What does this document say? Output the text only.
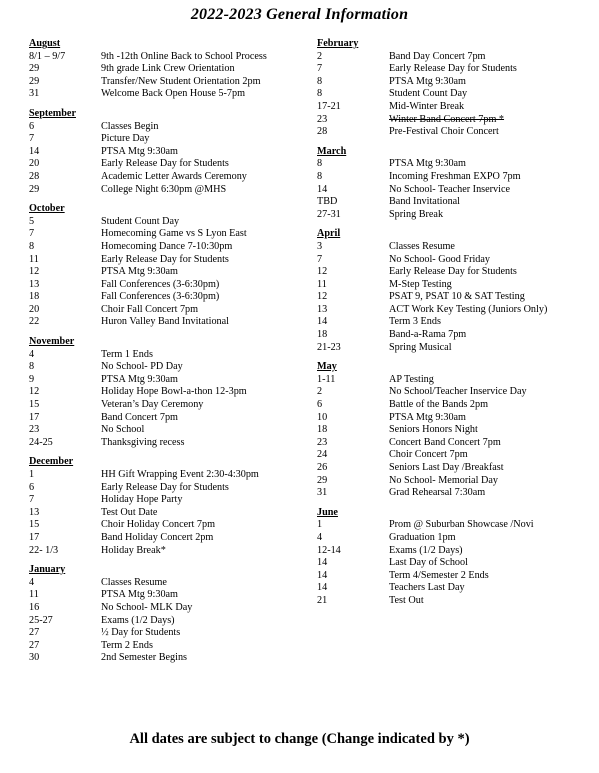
2022-2023 General Information
August
8/1 – 9/7	9th -12th Online Back to School Process
29	9th grade Link Crew Orientation
29	Transfer/New Student Orientation 2pm
31	Welcome Back Open House 5-7pm
September
6	Classes Begin
7	Picture Day
14	PTSA Mtg 9:30am
20	Early Release Day for Students
28	Academic Letter Awards Ceremony
29	College Night 6:30pm @MHS
October
5	Student Count Day
7	Homecoming Game vs S Lyon East
8	Homecoming Dance 7-10:30pm
11	Early Release Day for Students
12	PTSA Mtg 9:30am
13	Fall Conferences (3-6:30pm)
18	Fall Conferences (3-6:30pm)
20	Choir Fall Concert 7pm
22	Huron Valley Band Invitational
November
4	Term 1 Ends
8	No School- PD Day
9	PTSA Mtg 9:30am
12	Holiday Hope Bowl-a-thon 12-3pm
15	Veteran’s Day Ceremony
17	Band Concert 7pm
23	No School
24-25	Thanksgiving recess
December
1	HH Gift Wrapping Event 2:30-4:30pm
6	Early Release Day for Students
7	Holiday Hope Party
13	Test Out Date
15	Choir Holiday Concert 7pm
17	Band Holiday Concert 2pm
22- 1/3	Holiday Break*
January
4	Classes Resume
11	PTSA Mtg 9:30am
16	No School- MLK Day
25-27	Exams (1/2 Days)
27	½ Day for Students
27	Term 2 Ends
30	2nd Semester Begins
February
2	Band Day Concert 7pm
7	Early Release Day for Students
8	PTSA Mtg 9:30am
8	Student Count Day
17-21	Mid-Winter Break
23	Winter Band Concert 7pm *
28	Pre-Festival Choir Concert
March
8	PTSA Mtg 9:30am
8	Incoming Freshman EXPO 7pm
14	No School- Teacher Inservice
TBD	Band Invitational
27-31	Spring Break
April
3	Classes Resume
7	No School- Good Friday
12	Early Release Day for Students
11	M-Step Testing
12	PSAT 9, PSAT 10 & SAT Testing
13	ACT Work Key Testing (Juniors Only)
14	Term 3 Ends
18	Band-a-Rama 7pm
21-23	Spring Musical
May
1-11	AP Testing
2	No School/Teacher Inservice Day
6	Battle of the Bands 2pm
10	PTSA Mtg 9:30am
18	Seniors Honors Night
23	Concert Band Concert 7pm
24	Choir Concert 7pm
26	Seniors Last Day /Breakfast
29	No School- Memorial Day
31	Grad Rehearsal 7:30am
June
1	Prom @ Suburban Showcase /Novi
4	Graduation 1pm
12-14	Exams (1/2 Days)
14	Last Day of School
14	Term 4/Semester 2 Ends
14	Teachers Last Day
21	Test Out
All dates are subject to change (Change indicated by *)
